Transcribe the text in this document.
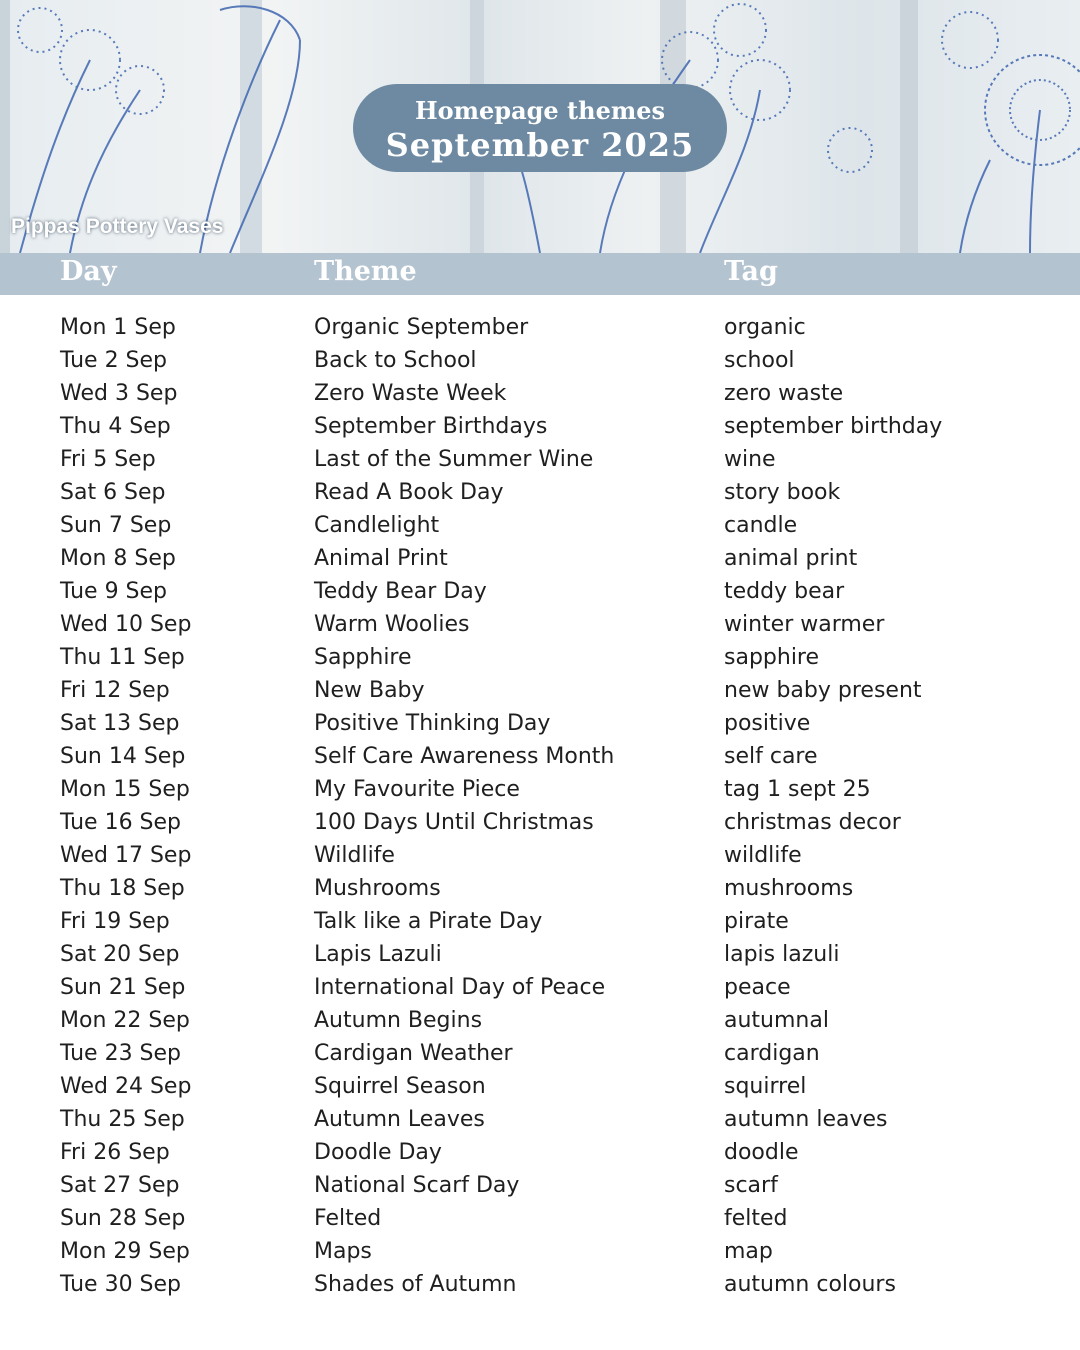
Homepage themes
September 2025
Pippas Pottery Vases
Day	Theme	Tag
Mon 1 Sep	Organic September	organic
Tue 2 Sep	Back to School	school
Wed 3 Sep	Zero Waste Week	zero waste
Thu 4 Sep	September Birthdays	september birthday
Fri 5 Sep	Last of the Summer Wine	wine
Sat 6 Sep	Read A Book Day	story book
Sun 7 Sep	Candlelight	candle
Mon 8 Sep	Animal Print	animal print
Tue 9 Sep	Teddy Bear Day	teddy bear
Wed 10 Sep	Warm Woolies	winter warmer
Thu 11 Sep	Sapphire	sapphire
Fri 12 Sep	New Baby	new baby present
Sat 13 Sep	Positive Thinking Day	positive
Sun 14 Sep	Self Care Awareness Month	self care
Mon 15 Sep	My Favourite Piece	tag 1 sept 25
Tue 16 Sep	100 Days Until Christmas	christmas decor
Wed 17 Sep	Wildlife	wildlife
Thu 18 Sep	Mushrooms	mushrooms
Fri 19 Sep	Talk like a Pirate Day	pirate
Sat 20 Sep	Lapis Lazuli	lapis lazuli
Sun 21 Sep	International Day of Peace	peace
Mon 22 Sep	Autumn Begins	autumnal
Tue 23 Sep	Cardigan Weather	cardigan
Wed 24 Sep	Squirrel Season	squirrel
Thu 25 Sep	Autumn Leaves	autumn leaves
Fri 26 Sep	Doodle Day	doodle
Sat 27 Sep	National Scarf Day	scarf
Sun 28 Sep	Felted	felted
Mon 29 Sep	Maps	map
Tue 30 Sep	Shades of Autumn	autumn colours
